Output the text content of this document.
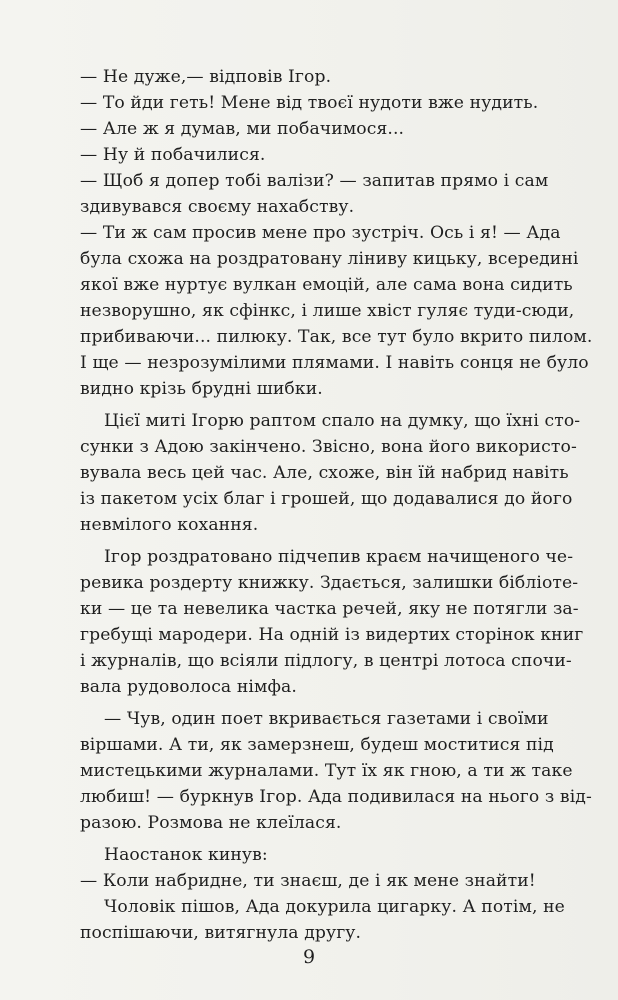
— Не дуже,— відповів Ігор.
— То йди геть! Мене від твоєї нудоти вже нудить.
— Але ж я думав, ми побачимося...
— Ну й побачилися.
— Щоб я допер тобі валізи? — запитав прямо і сам
здивувався своєму нахабству.
— Ти ж сам просив мене про зустріч. Ось і я! — Ада
була схожа на роздратовану ліниву кицьку, всередині
якої вже нуртує вулкан емоцій, але сама вона сидить
незворушно, як сфінкс, і лише хвіст гуляє туди-сюди,
прибиваючи... пилюку. Так, все тут було вкрито пилом.
І ще — незрозумілими плямами. І навіть сонця не було
видно крізь брудні шибки.
Цієї миті Ігорю раптом спало на думку, що їхні сто-
сунки з Адою закінчено. Звісно, вона його використо-
вувала весь цей час. Але, схоже, він їй набрид навіть
із пакетом усіх благ і грошей, що додавалися до його
невмілого кохання.
Ігор роздратовано підчепив краєм начищеного че-
ревика роздерту книжку. Здається, залишки бібліоте-
ки — це та невелика частка речей, яку не потягли за-
гребущі мародери. На одній із видертих сторінок книг
і журналів, що всіяли підлогу, в центрі лотоса спочи-
вала рудоволоса німфа.
— Чув, один поет вкривається газетами і своїми
віршами. А ти, як замерзнеш, будеш моститися під
мистецькими журналами. Тут їх як гною, а ти ж таке
любиш! — буркнув Ігор. Ада подивилася на нього з від-
разою. Розмова не клеїлася.
Наостанок кинув:
— Коли набридне, ти знаєш, де і як мене знайти!
Чоловік пішов, Ада докурила цигарку. А потім, не
поспішаючи, витягнула другу.
9
